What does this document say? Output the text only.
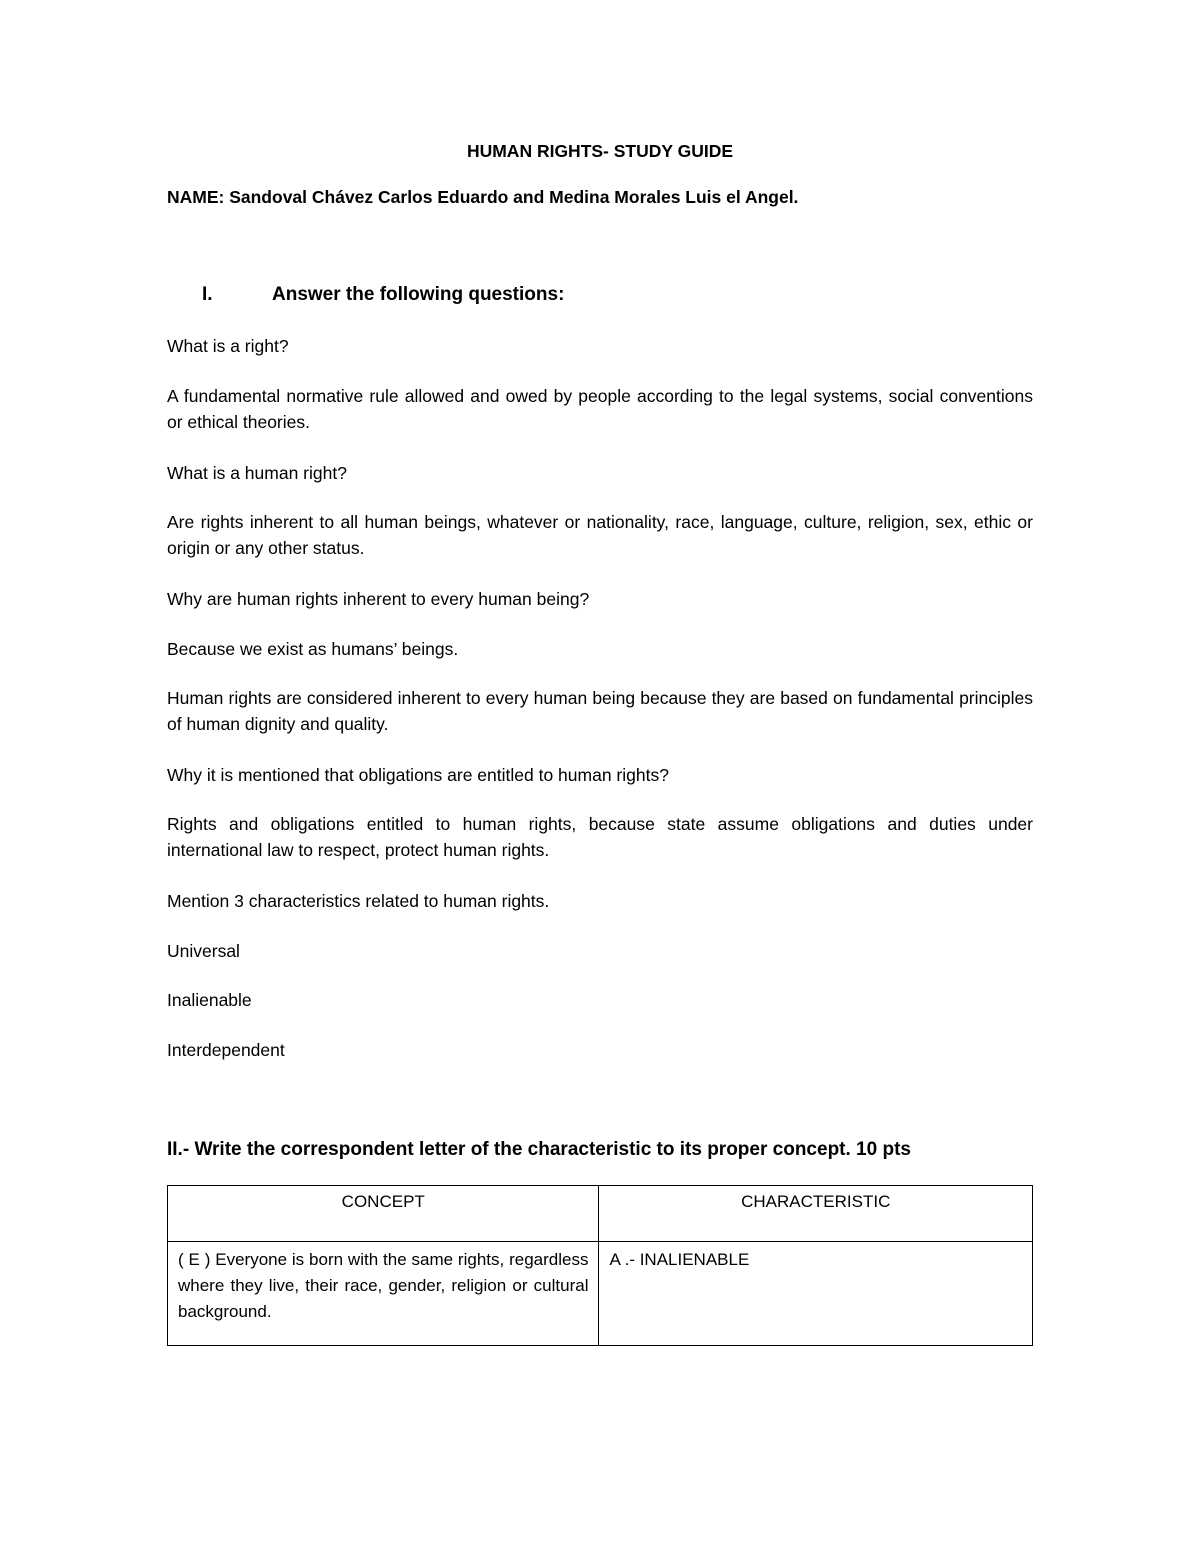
HUMAN RIGHTS- STUDY GUIDE
NAME: Sandoval Chávez Carlos Eduardo and Medina Morales Luis el Angel.
I.	Answer the following questions:
What is a right?
A fundamental normative rule allowed and owed by people according to the legal systems, social conventions or ethical theories.
What is a human right?
Are rights inherent to all human beings, whatever or nationality, race, language, culture, religion, sex, ethic or origin or any other status.
Why are human rights inherent to every human being?
Because we exist as humans’ beings.
Human rights are considered inherent to every human being because they are based on fundamental principles of human dignity and quality.
Why it is mentioned that obligations are entitled to human rights?
Rights and obligations entitled to human rights, because state assume obligations and duties under international law to respect, protect human rights.
Mention 3 characteristics related to human rights.
Universal
Inalienable
Interdependent
II.- Write the correspondent letter of the characteristic to its proper concept. 10 pts
CONCEPT	CHARACTERISTIC

( E ) Everyone is born with the same rights, regardless where they live, their race, gender, religion or cultural background.	A .- INALIENABLE
